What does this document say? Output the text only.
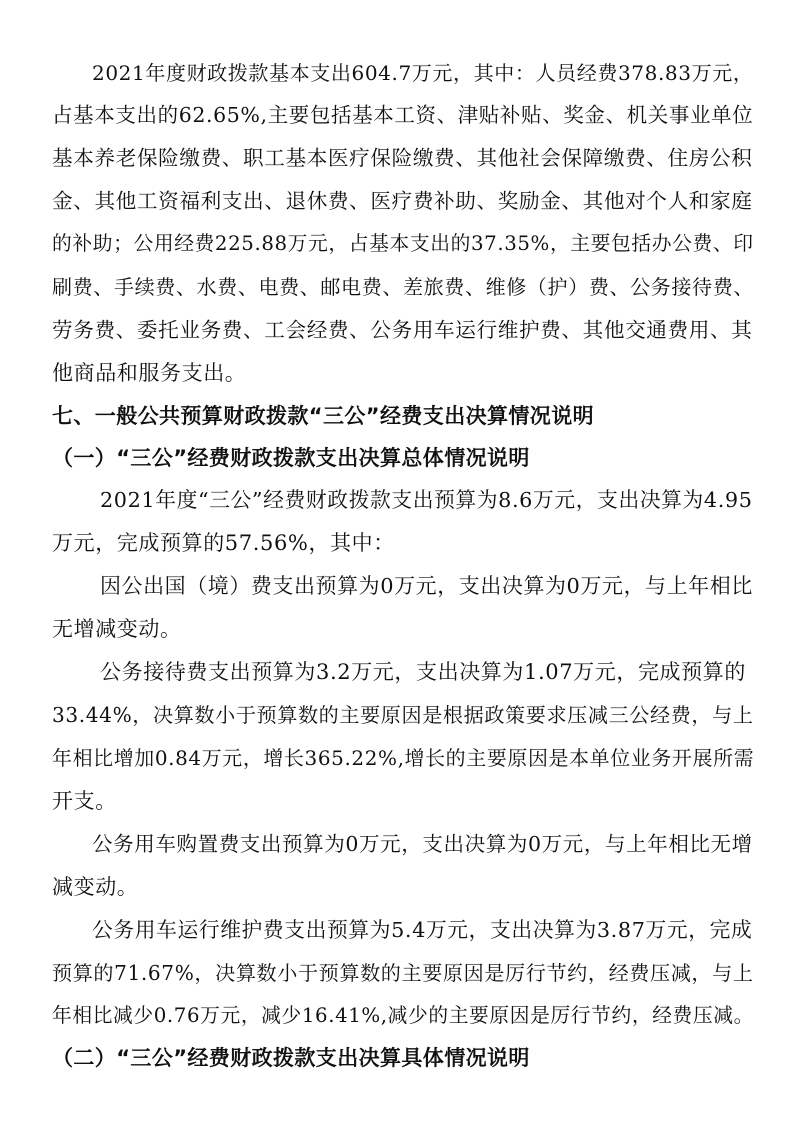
2021年度财政拨款基本支出604.7万元，其中：人员经费378.83万元，
占基本支出的62.65%,主要包括基本工资、津贴补贴、奖金、机关事业单位
基本养老保险缴费、职工基本医疗保险缴费、其他社会保障缴费、住房公积
金、其他工资福利支出、退休费、医疗费补助、奖励金、其他对个人和家庭
的补助；公用经费225.88万元，占基本支出的37.35%，主要包括办公费、印
刷费、手续费、水费、电费、邮电费、差旅费、维修（护）费、公务接待费、
劳务费、委托业务费、工会经费、公务用车运行维护费、其他交通费用、其
他商品和服务支出。
七、一般公共预算财政拨款“三公”经费支出决算情况说明
（一）“三公”经费财政拨款支出决算总体情况说明
2021年度“三公”经费财政拨款支出预算为8.6万元，支出决算为4.95
万元，完成预算的57.56%，其中：
因公出国（境）费支出预算为0万元，支出决算为0万元，与上年相比
无增减变动。
公务接待费支出预算为3.2万元，支出决算为1.07万元，完成预算的
33.44%，决算数小于预算数的主要原因是根据政策要求压减三公经费，与上
年相比增加0.84万元，增长365.22%,增长的主要原因是本单位业务开展所需
开支。
公务用车购置费支出预算为0万元，支出决算为0万元，与上年相比无增
减变动。
公务用车运行维护费支出预算为5.4万元，支出决算为3.87万元，完成
预算的71.67%，决算数小于预算数的主要原因是厉行节约，经费压减，与上
年相比减少0.76万元，减少16.41%,减少的主要原因是厉行节约，经费压减。
（二）“三公”经费财政拨款支出决算具体情况说明
